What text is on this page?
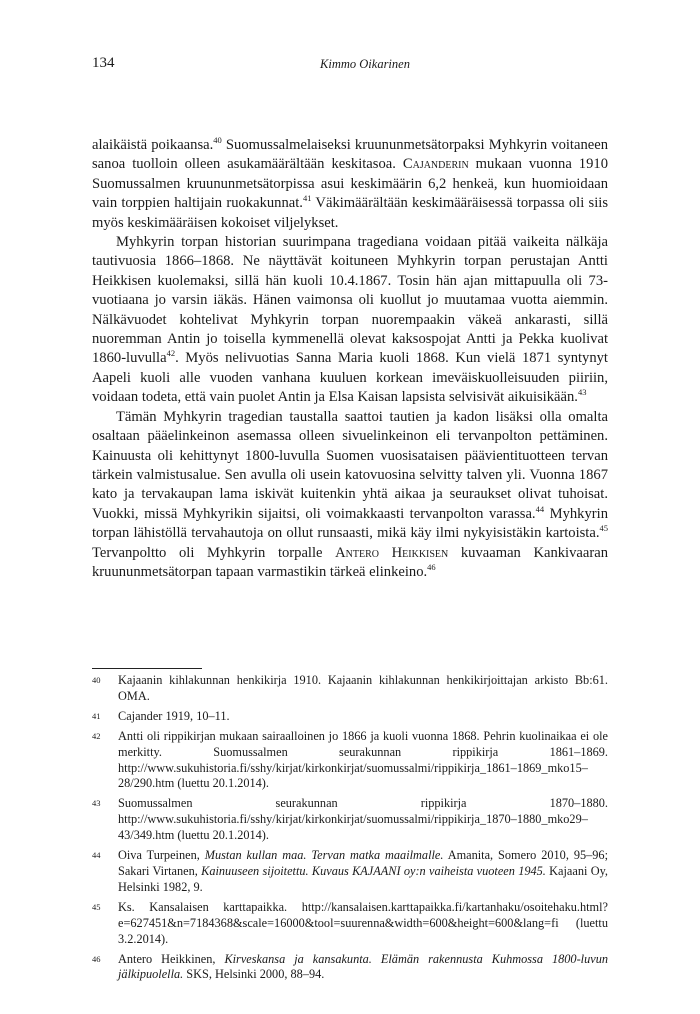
134	Kimmo Oikarinen

alaikäistä poikaansa.$^{40}$ Suomussalmelaiseksi kruununmetsätorpaksi Myhkyrin voitaneen sanoa tuolloin olleen asukamäärältään keskitasoa. Cajanderin mukaan vuonna 1910 Suomussalmen kruununmetsätorpissa asui keskimäärin 6,2 henkeä, kun huomioidaan vain torppien haltijain ruokakunnat.$^{41}$ Väkimäärältään keskimääräisessä torpassa oli siis myös keskimääräisen kokoiset viljelykset.

Myhkyrin torpan historian suurimpana tragediana voidaan pitää vaikeita nälkäja tautivuosia 1866–1868. Ne näyttävät koituneen Myhkyrin torpan perustajan Antti Heikkisen kuolemaksi, sillä hän kuoli 10.4.1867. Tosin hän ajan mittapuulla oli 73-vuotiaana jo varsin iäkäs. Hänen vaimonsa oli kuollut jo muutamaa vuotta aiemmin. Nälkävuodet kohtelivat Myhkyrin torpan nuorempaakin väkeä ankarasti, sillä nuoremman Antin jo toisella kymmenellä olevat kaksospojat Antti ja Pekka kuolivat 1860-luvulla$^{42}$. Myös nelivuotias Sanna Maria kuoli 1868. Kun vielä 1871 syntynyt Aapeli kuoli alle vuoden vanhana kuuluen korkean imeväiskuolleisuuden piiriin, voidaan todeta, että vain puolet Antin ja Elsa Kaisan lapsista selvisivät aikuisikään.$^{43}$

Tämän Myhkyrin tragedian taustalla saattoi tautien ja kadon lisäksi olla omalta osaltaan pääelinkeinon asemassa olleen sivuelinkeinon eli tervanpolton pettäminen. Kainuusta oli kehittynyt 1800-luvulla Suomen vuosisataisen päävientituotteen tervan tärkein valmistusalue. Sen avulla oli usein katovuosina selvitty talven yli. Vuonna 1867 kato ja tervakaupan lama iskivät kuitenkin yhtä aikaa ja seuraukset olivat tuhoisat. Vuokki, missä Myhkyrikin sijaitsi, oli voimakkaasti tervanpolton varassa.$^{44}$ Myhkyrin torpan lähistöllä tervahautoja on ollut runsaasti, mikä käy ilmi nykyisistäkin kartoista.$^{45}$ Tervanpoltto oli Myhkyrin torpalle Antero Heikkisen kuvaaman Kankivaaran kruununmetsätorpan tapaan varmastikin tärkeä elinkeino.$^{46}$

40	Kajaanin kihlakunnan henkikirja 1910. Kajaanin kihlakunnan henkikirjoittajan arkisto Bb:61. OMA.
41	Cajander 1919, 10–11.
42	Antti oli rippikirjan mukaan sairaalloinen jo 1866 ja kuoli vuonna 1868. Pehrin kuolinaikaa ei ole merkitty. Suomussalmen seurakunnan rippikirja 1861–1869. http://www.sukuhistoria.fi/sshy/kirjat/kirkonkirjat/suomussalmi/rippikirja_1861–1869_mko15–28/290.htm (luettu 20.1.2014).
43	Suomussalmen seurakunnan rippikirja 1870–1880. http://www.sukuhistoria.fi/sshy/kirjat/kirkonkirjat/suomussalmi/rippikirja_1870–1880_mko29–43/349.htm (luettu 20.1.2014).
44	Oiva Turpeinen, Mustan kullan maa. Tervan matka maailmalle. Amanita, Somero 2010, 95–96; Sakari Virtanen, Kainuuseen sijoitettu. Kuvaus KAJAANI oy:n vaiheista vuoteen 1945. Kajaani Oy, Helsinki 1982, 9.
45	Ks. Kansalaisen karttapaikka. http://kansalaisen.karttapaikka.fi/kartanhaku/osoitehaku.html?e=627451&n=7184368&scale=16000&tool=suurenna&width=600&height=600&lang=fi (luettu 3.2.2014).
46	Antero Heikkinen, Kirveskansa ja kansakunta. Elämän rakennusta Kuhmossa 1800-luvun jälkipuolella. SKS, Helsinki 2000, 88–94.
